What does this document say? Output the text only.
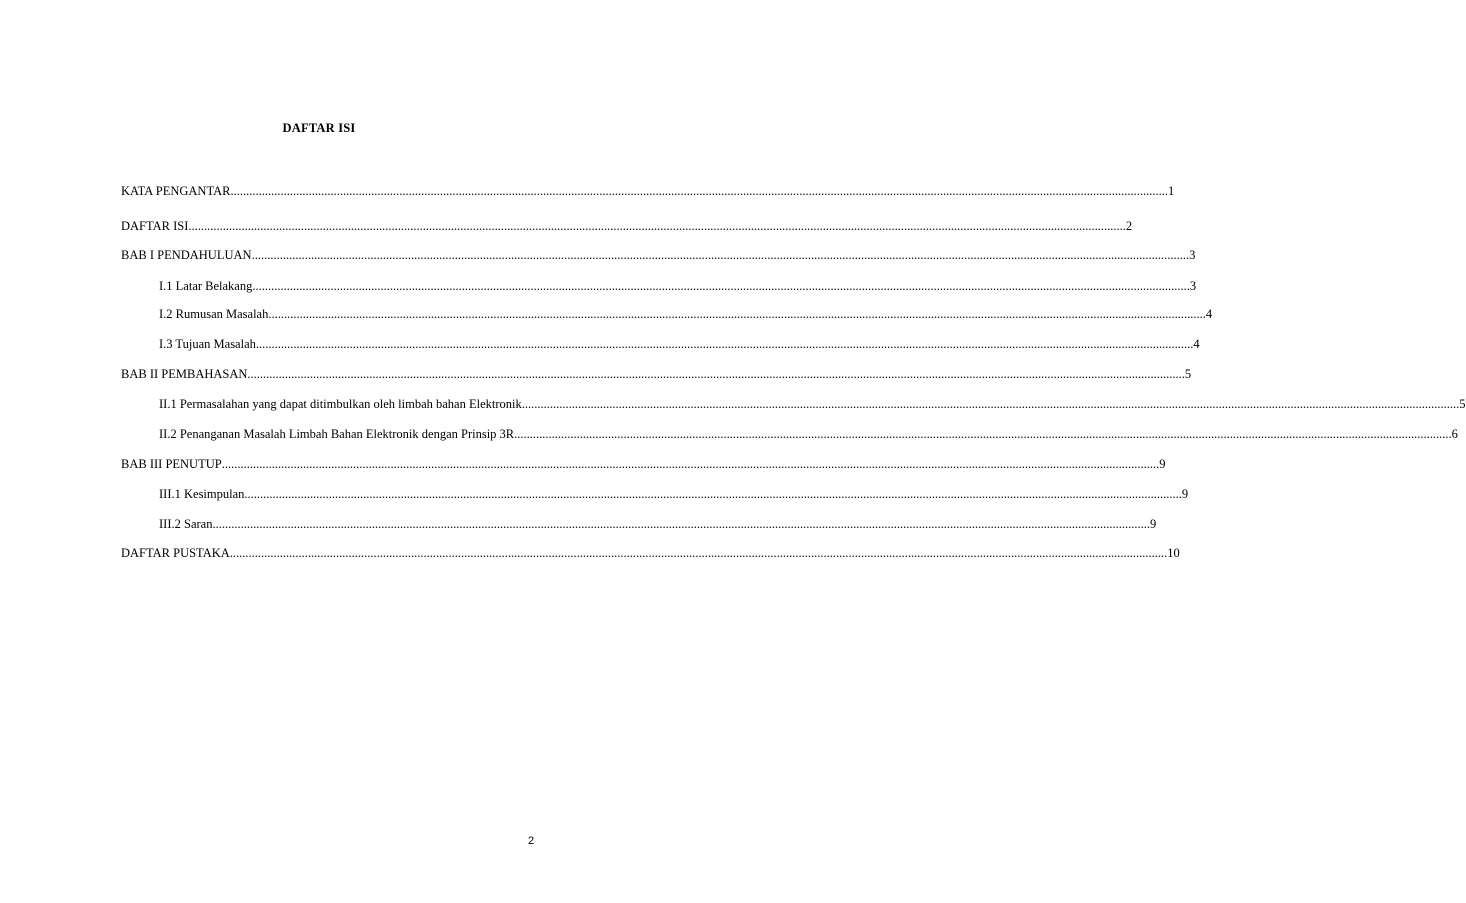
DAFTAR ISI
KATA PENGANTAR ............................................................................................................................................................................................................................................................................................................ 1
DAFTAR ISI ............................................................................................................................................................................................................................................................................................................ 2
BAB I PENDAHULUAN ............................................................................................................................................................................................................................................................................................................ 3
I.1 Latar Belakang ............................................................................................................................................................................................................................................................................................................ 3
I.2 Rumusan Masalah ............................................................................................................................................................................................................................................................................................................ 4
I.3 Tujuan Masalah ............................................................................................................................................................................................................................................................................................................ 4
BAB II PEMBAHASAN ............................................................................................................................................................................................................................................................................................................ 5
II.1 Permasalahan yang dapat ditimbulkan oleh limbah bahan Elektronik ............................................................................................................................................................................................................................................................................................................ 5
II.2 Penanganan Masalah Limbah Bahan Elektronik dengan Prinsip 3R ............................................................................................................................................................................................................................................................................................................ 6
BAB III PENUTUP ............................................................................................................................................................................................................................................................................................................ 9
III.1 Kesimpulan ............................................................................................................................................................................................................................................................................................................ 9
III.2 Saran ............................................................................................................................................................................................................................................................................................................ 9
DAFTAR PUSTAKA ............................................................................................................................................................................................................................................................................................................ 10
2
